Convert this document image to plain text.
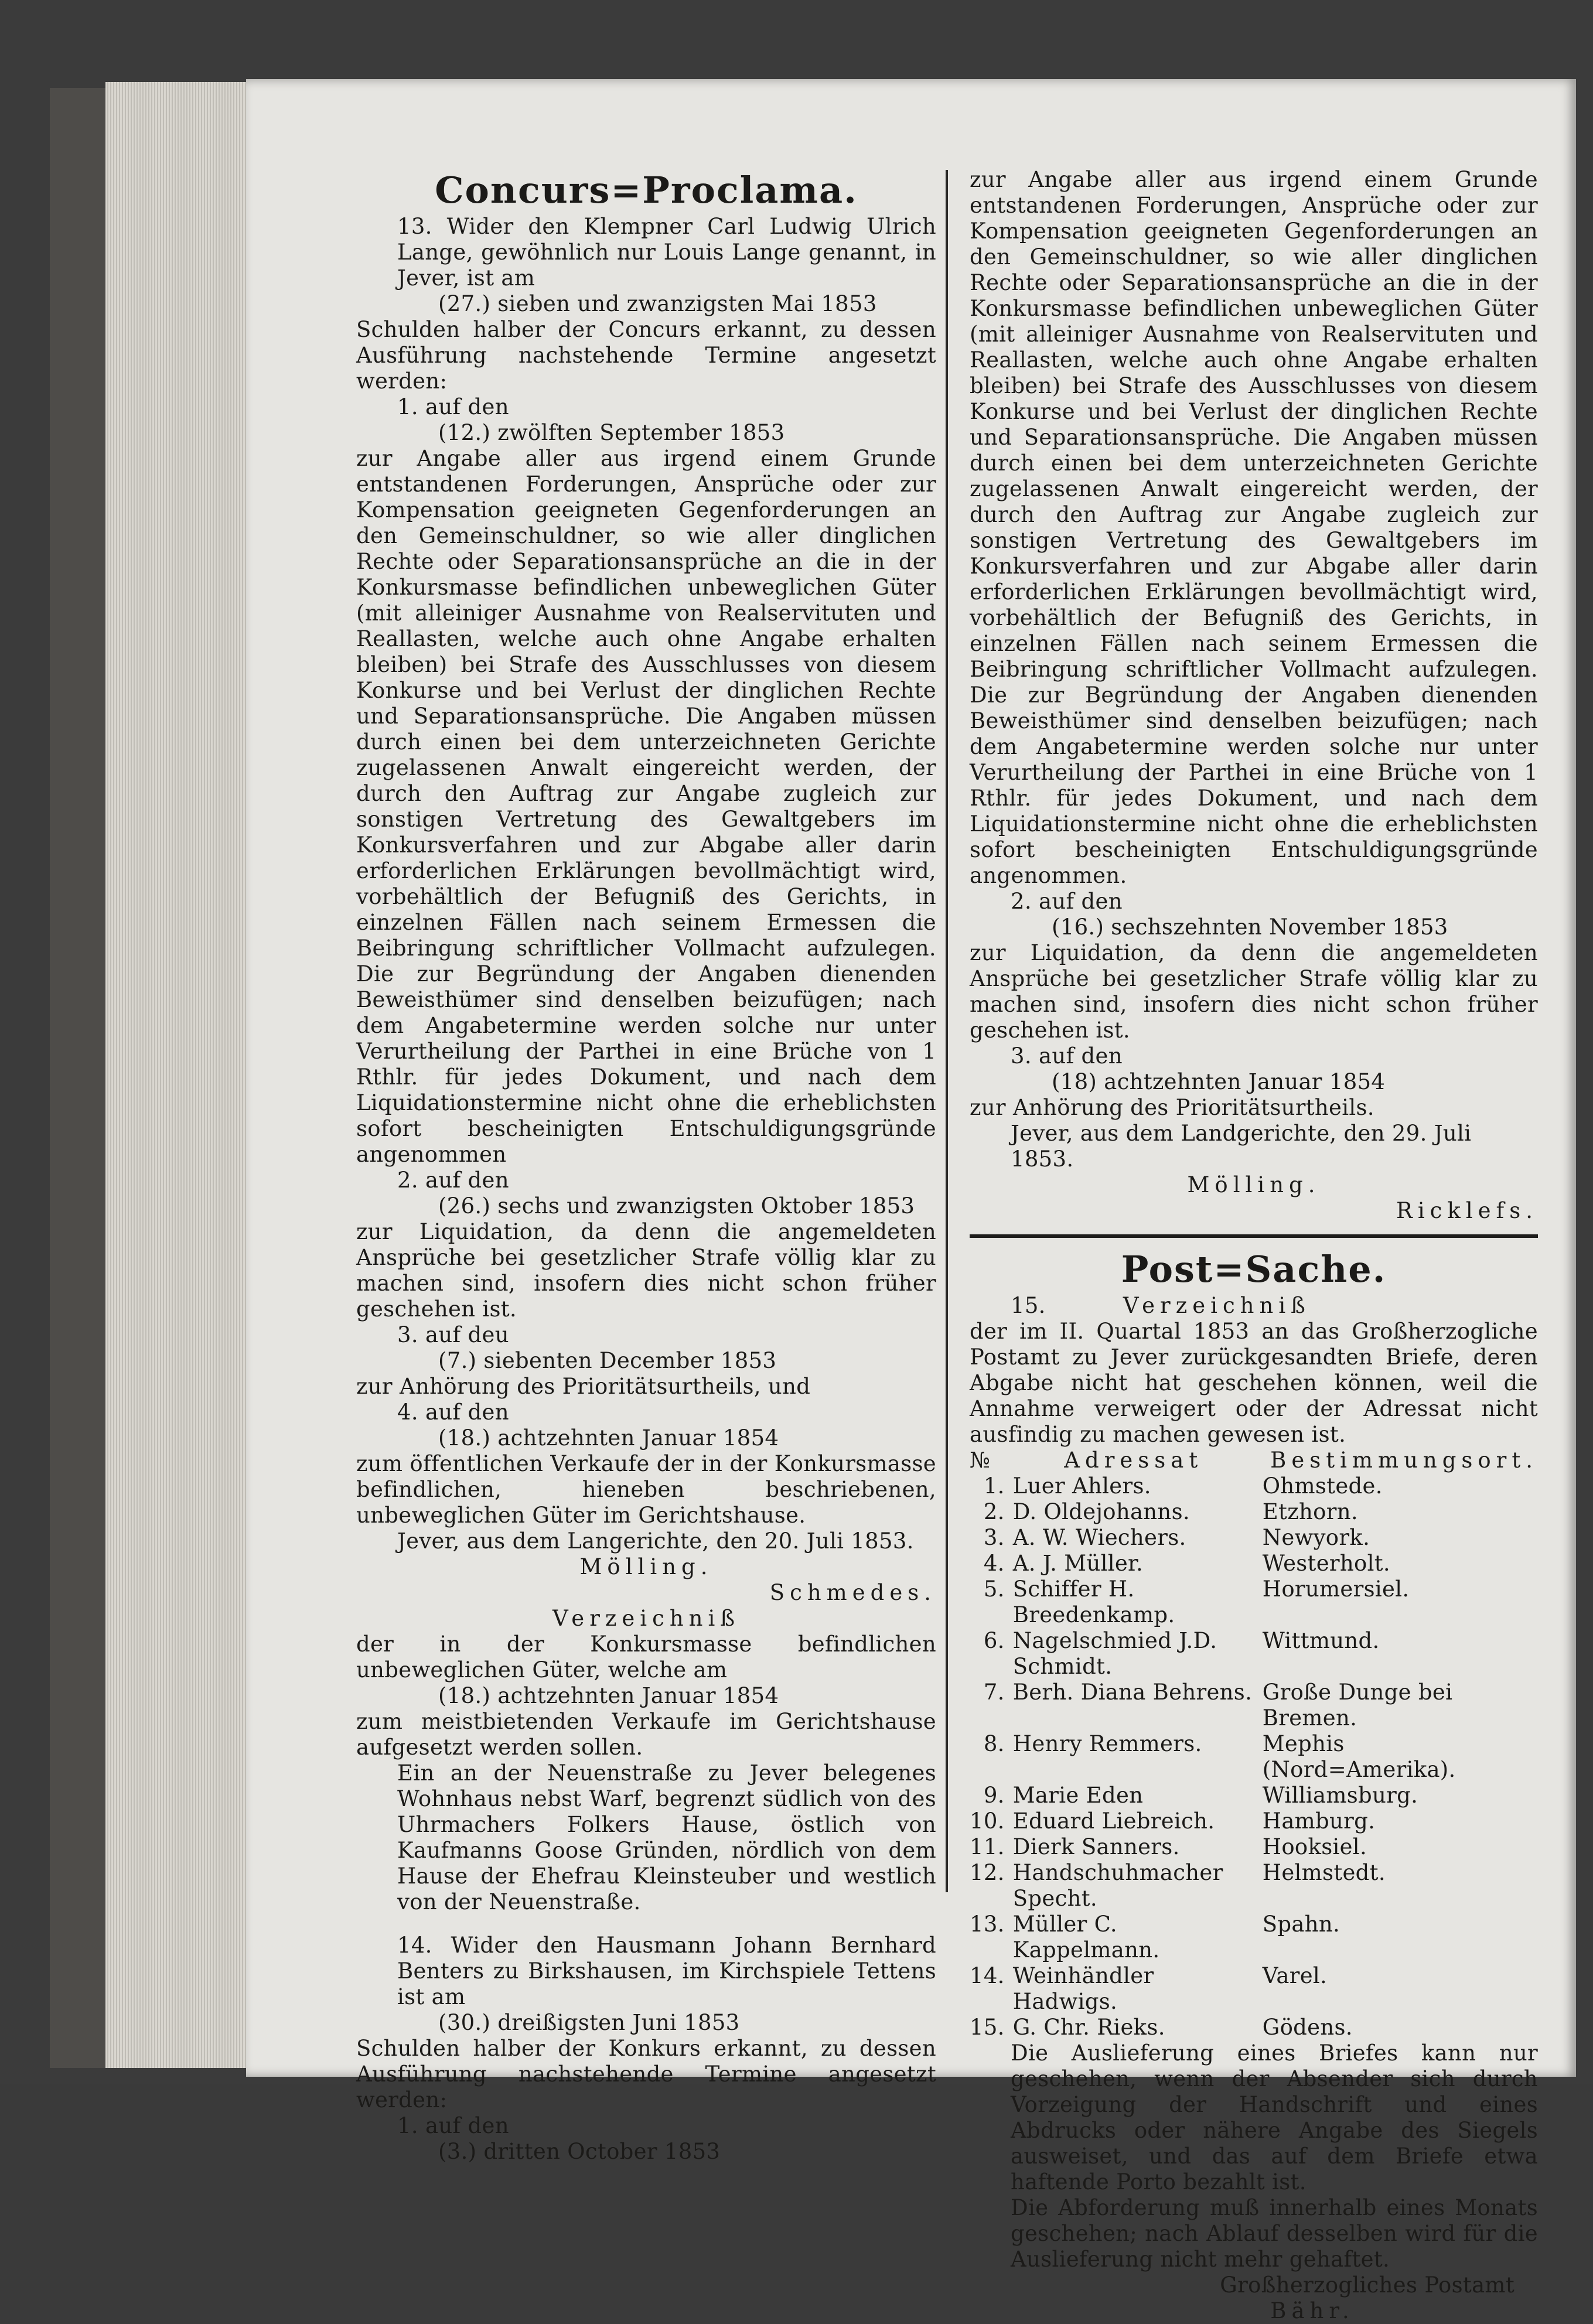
Concurs=Proclama.

13. Wider den Klempner Carl Ludwig Ulrich Lange, gewöhnlich nur Louis Lange genannt, in Jever, ist am

(27.) sieben und zwanzigsten Mai 1853

Schulden halber der Concurs erkannt, zu dessen Ausführung nachstehende Termine angesetzt werden:

1. auf den

(12.) zwölften September 1853

zur Angabe aller aus irgend einem Grunde entstandenen Forderungen, Ansprüche oder zur Kompensation geeigneten Gegenforderungen an den Gemeinschuldner, so wie aller dinglichen Rechte oder Separationsansprüche an die in der Konkursmasse befindlichen unbeweglichen Güter (mit alleiniger Ausnahme von Realservituten und Reallasten, welche auch ohne Angabe erhalten bleiben) bei Strafe des Ausschlusses von diesem Konkurse und bei Verlust der dinglichen Rechte und Separationsansprüche. Die Angaben müssen durch einen bei dem unterzeichneten Gerichte zugelassenen Anwalt eingereicht werden, der durch den Auftrag zur Angabe zugleich zur sonstigen Vertretung des Gewaltgebers im Konkursverfahren und zur Abgabe aller darin erforderlichen Erklärungen bevollmächtigt wird, vorbehältlich der Befugniß des Gerichts, in einzelnen Fällen nach seinem Ermessen die Beibringung schriftlicher Vollmacht aufzulegen. Die zur Begründung der Angaben dienenden Beweisthümer sind denselben beizufügen; nach dem Angabetermine werden solche nur unter Verurtheilung der Parthei in eine Brüche von 1 Rthlr. für jedes Dokument, und nach dem Liquidationstermine nicht ohne die erheblichsten sofort bescheinigten Entschuldigungsgründe angenommen

2. auf den

(26.) sechs und zwanzigsten Oktober 1853

zur Liquidation, da denn die angemeldeten Ansprüche bei gesetzlicher Strafe völlig klar zu machen sind, insofern dies nicht schon früher geschehen ist.

3. auf deu

(7.) siebenten December 1853

zur Anhörung des Prioritätsurtheils, und

4. auf den

(18.) achtzehnten Januar 1854

zum öffentlichen Verkaufe der in der Konkursmasse befindlichen, hieneben beschriebenen, unbeweglichen Güter im Gerichtshause.

Jever, aus dem Langerichte, den 20. Juli 1853.

Mölling.

Schmedes.

Verzeichniß

der in der Konkursmasse befindlichen unbeweglichen Güter, welche am

(18.) achtzehnten Januar 1854

zum meistbietenden Verkaufe im Gerichtshause aufgesetzt werden sollen.

Ein an der Neuenstraße zu Jever belegenes Wohnhaus nebst Warf, begrenzt südlich von des Uhrmachers Folkers Hause, östlich von Kaufmanns Goose Gründen, nördlich von dem Hause der Ehefrau Kleinsteuber und westlich von der Neuenstraße.

14. Wider den Hausmann Johann Bernhard Benters zu Birkshausen, im Kirchspiele Tettens ist am

(30.) dreißigsten Juni 1853

Schulden halber der Konkurs erkannt, zu dessen Ausführung nachstehende Termine angesetzt werden:

1. auf den

(3.) dritten October 1853

zur Angabe aller aus irgend einem Grunde entstandenen Forderungen, Ansprüche oder zur Kompensation geeigneten Gegenforderungen an den Gemeinschuldner, so wie aller dinglichen Rechte oder Separationsansprüche an die in der Konkursmasse befindlichen unbeweglichen Güter (mit alleiniger Ausnahme von Realservituten und Reallasten, welche auch ohne Angabe erhalten bleiben) bei Strafe des Ausschlusses von diesem Konkurse und bei Verlust der dinglichen Rechte und Separationsansprüche. Die Angaben müssen durch einen bei dem unterzeichneten Gerichte zugelassenen Anwalt eingereicht werden, der durch den Auftrag zur Angabe zugleich zur sonstigen Vertretung des Gewaltgebers im Konkursverfahren und zur Abgabe aller darin erforderlichen Erklärungen bevollmächtigt wird, vorbehältlich der Befugniß des Gerichts, in einzelnen Fällen nach seinem Ermessen die Beibringung schriftlicher Vollmacht aufzulegen. Die zur Begründung der Angaben dienenden Beweisthümer sind denselben beizufügen; nach dem Angabetermine werden solche nur unter Verurtheilung der Parthei in eine Brüche von 1 Rthlr. für jedes Dokument, und nach dem Liquidationstermine nicht ohne die erheblichsten sofort bescheinigten Entschuldigungsgründe angenommen.

2. auf den

(16.) sechszehnten November 1853

zur Liquidation, da denn die angemeldeten Ansprüche bei gesetzlicher Strafe völlig klar zu machen sind, insofern dies nicht schon früher geschehen ist.

3. auf den

(18) achtzehnten Januar 1854

zur Anhörung des Prioritätsurtheils.

Jever, aus dem Landgerichte, den 29. Juli 1853.

Mölling.

Ricklefs.

Post=Sache.

15.	Verzeichniß

der im II. Quartal 1853 an das Großherzogliche Postamt zu Jever zurückgesandten Briefe, deren Abgabe nicht hat geschehen können, weil die Annahme verweigert oder der Adressat nicht ausfindig zu machen gewesen ist.

№	Adressat	Bestimmungsort.
1.	Luer Ahlers.	Ohmstede.
2.	D. Oldejohanns.	Etzhorn.
3.	A. W. Wiechers.	Newyork.
4.	A. J. Müller.	Westerholt.
5.	Schiffer H. Breedenkamp.	Horumersiel.
6.	Nagelschmied J.D. Schmidt.	Wittmund.
7.	Berh. Diana Behrens.	Große Dunge bei Bremen.
8.	Henry Remmers.	Mephis (Nord=Amerika).
9.	Marie Eden	Williamsburg.
10.	Eduard Liebreich.	Hamburg.
11.	Dierk Sanners.	Hooksiel.
12.	Handschuhmacher Specht.	Helmstedt.
13.	Müller C. Kappelmann.	Spahn.
14.	Weinhändler Hadwigs.	Varel.
15.	G. Chr. Rieks.	Gödens.

Die Auslieferung eines Briefes kann nur geschehen, wenn der Absender sich durch Vorzeigung der Handschrift und eines Abdrucks oder nähere Angabe des Siegels ausweiset, und das auf dem Briefe etwa haftende Porto bezahlt ist.

Die Abforderung muß innerhalb eines Monats geschehen; nach Ablauf desselben wird für die Auslieferung nicht mehr gehaftet.

Großherzogliches Postamt

Bähr.
